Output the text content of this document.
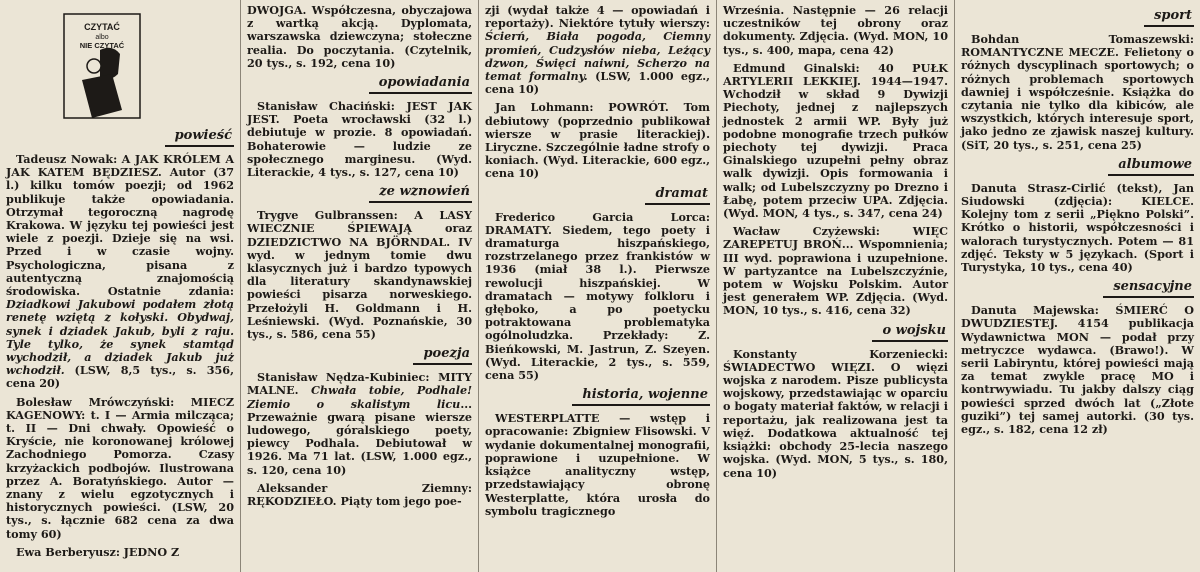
CZYTAĆ
albo
NIE CZYTAĆ
powieść

Tadeusz Nowak: A JAK KRÓLEM A JAK KATEM BĘDZIESZ. Autor (37 l.) kilku tomów poezji; od 1962 publikuje także opowiadania. Otrzymał tegoroczną nagrodę Krakowa. W języku tej powieści jest wiele z poezji. Dzieje się na wsi. Przed i w czasie wojny. Psychologiczna, pisana z autentyczną znajomością środowiska. Ostatnie zdania: Dziadkowi Jakubowi podałem złotą renetę wziętą z kołyski. Obydwaj, synek i dziadek Jakub, byli z raju. Tyle tylko, że synek stamtąd wychodził, a dziadek Jakub już wchodził. (LSW, 8,5 tys., s. 356, cena 20)

Bolesław Mrówczyński: MIECZ KAGENOWY: t. I — Armia milcząca; t. II — Dni chwały. Opowieść o Kryście, nie koronowanej królowej Zachodniego Pomorza. Czasy krzyżackich podbojów. Ilustrowana przez A. Boratyńskiego. Autor — znany z wielu egzotycznych i historycznych powieści. (LSW, 20 tys., s. łącznie 682 cena za dwa tomy 60)

Ewa Berberyusz: JEDNO Z

DWOJGA. Współczesna, obyczajowa z wartką akcją. Dyplomata, warszawska dziewczyna; stołeczne realia. Do poczytania. (Czytelnik, 20 tys., s. 192, cena 10)

opowiadania

Stanisław Chaciński: JEST JAK JEST. Poeta wrocławski (32 l.) debiutuje w prozie. 8 opowiadań. Bohaterowie — ludzie ze społecznego marginesu. (Wyd. Literackie, 4 tys., s. 127, cena 10)

ze wznowień

Trygve Gulbranssen: A LASY WIECZNIE ŚPIEWAJĄ oraz DZIEDZICTWO NA BJÖRNDAL. IV wyd. w jednym tomie dwu klasycznych już i bardzo typowych dla literatury skandynawskiej powieści pisarza norweskiego. Przełożyli H. Goldmann i H. Leśniewski. (Wyd. Poznańskie, 30 tys., s. 586, cena 55)

poezja

Stanisław Nędza-Kubiniec: MITY MALNE. Chwała tobie, Podhale! Ziemio o skalistym licu... Przeważnie gwarą pisane wiersze ludowego, góralskiego poety, piewcy Podhala. Debiutował w 1926. Ma 71 lat. (LSW, 1.000 egz., s. 120, cena 10)

Aleksander Ziemny: RĘKODZIEŁO. Piąty tom jego poe-

zji (wydał także 4 — opowiadań i reportaży). Niektóre tytuły wierszy: Ścierń, Biała pogoda, Ciemny promień, Cudzysłów nieba, Leżący dzwon, Święci naiwni, Scherzo na temat formalny. (LSW, 1.000 egz., cena 10)

Jan Lohmann: POWRÓT. Tom debiutowy (poprzednio publikował wiersze w prasie literackiej). Liryczne. Szczególnie ładne strofy o koniach. (Wyd. Literackie, 600 egz., cena 10)

dramat

Frederico Garcia Lorca: DRAMATY. Siedem, tego poety i dramaturga hiszpańskiego, rozstrzelanego przez frankistów w 1936 (miał 38 l.). Pierwsze rewolucji hiszpańskiej. W dramatach — motywy folkloru i głęboko, a po poetycku potraktowana problematyka ogólnoludzka. Przekłady: Z. Bieńkowski, M. Jastrun, Z. Szeyen. (Wyd. Literackie, 2 tys., s. 559, cena 55)

historia, wojenne

WESTERPLATTE — wstęp i opracowanie: Zbigniew Flisowski. V wydanie dokumentalnej monografii, poprawione i uzupełnione. W książce analityczny wstęp, przedstawiający obronę Westerplatte, która urosła do symbolu tragicznego

Września. Następnie — 26 relacji uczestników tej obrony oraz dokumenty. Zdjęcia. (Wyd. MON, 10 tys., s. 400, mapa, cena 42)

Edmund Ginalski: 40 PUŁK ARTYLERII LEKKIEJ. 1944—1947. Wchodził w skład 9 Dywizji Piechoty, jednej z najlepszych jednostek 2 armii WP. Były już podobne monografie trzech pułków piechoty tej dywizji. Praca Ginalskiego uzupełni pełny obraz walk dywizji. Opis formowania i walk; od Lubelszczyzny po Drezno i Łabę, potem przeciw UPA. Zdjęcia. (Wyd. MON, 4 tys., s. 347, cena 24)

Wacław Czyżewski:	WIĘC ZAREPETUJ BROŃ... Wspomnienia; III wyd. poprawiona i uzupełnione. W partyzantce na Lubelszczyźnie, potem w Wojsku Polskim. Autor jest generałem WP. Zdjęcia. (Wyd. MON, 10 tys., s. 416, cena 32)

o wojsku

Konstanty Korzeniecki: ŚWIADECTWO WIĘZI. O więzi wojska z narodem. Pisze publicysta wojskowy, przedstawiając w oparciu o bogaty materiał faktów, w relacji i reportażu, jak realizowana jest ta więź. Dodatkowa aktualność tej książki: obchody 25-lecia naszego wojska. (Wyd. MON, 5 tys., s. 180, cena 10)

sport

Bohdan Tomaszewski: ROMANTYCZNE MECZE. Felietony o różnych dyscyplinach sportowych; o różnych problemach sportowych dawniej i współcześnie. Książka do czytania nie tylko dla kibiców, ale wszystkich, których interesuje sport, jako jedno ze zjawisk naszej kultury. (SiT, 20 tys., s. 251, cena 25)

albumowe

Danuta Strasz-Cirlić (tekst), Jan Siudowski (zdjęcia):	KIELCE. Kolejny tom z serii „Piękno Polski”. Krótko o historii, współczesności i walorach turystycznych. Potem — 81 zdjęć. Teksty w 5 językach. (Sport i Turystyka, 10 tys., cena 40)

sensacyjne

Danuta Majewska: ŚMIERĆ O DWUDZIESTEJ. 4154 publikacja Wydawnictwa MON — podał przy metryczce wydawca. (Brawo!). W serii Labiryntu, której powieści mają za temat zwykle pracę MO i kontrwywiadu. Tu jakby dalszy ciąg powieści sprzed dwóch lat („Złote guziki”) tej samej autorki. (30 tys. egz., s. 182, cena 12 zł)
